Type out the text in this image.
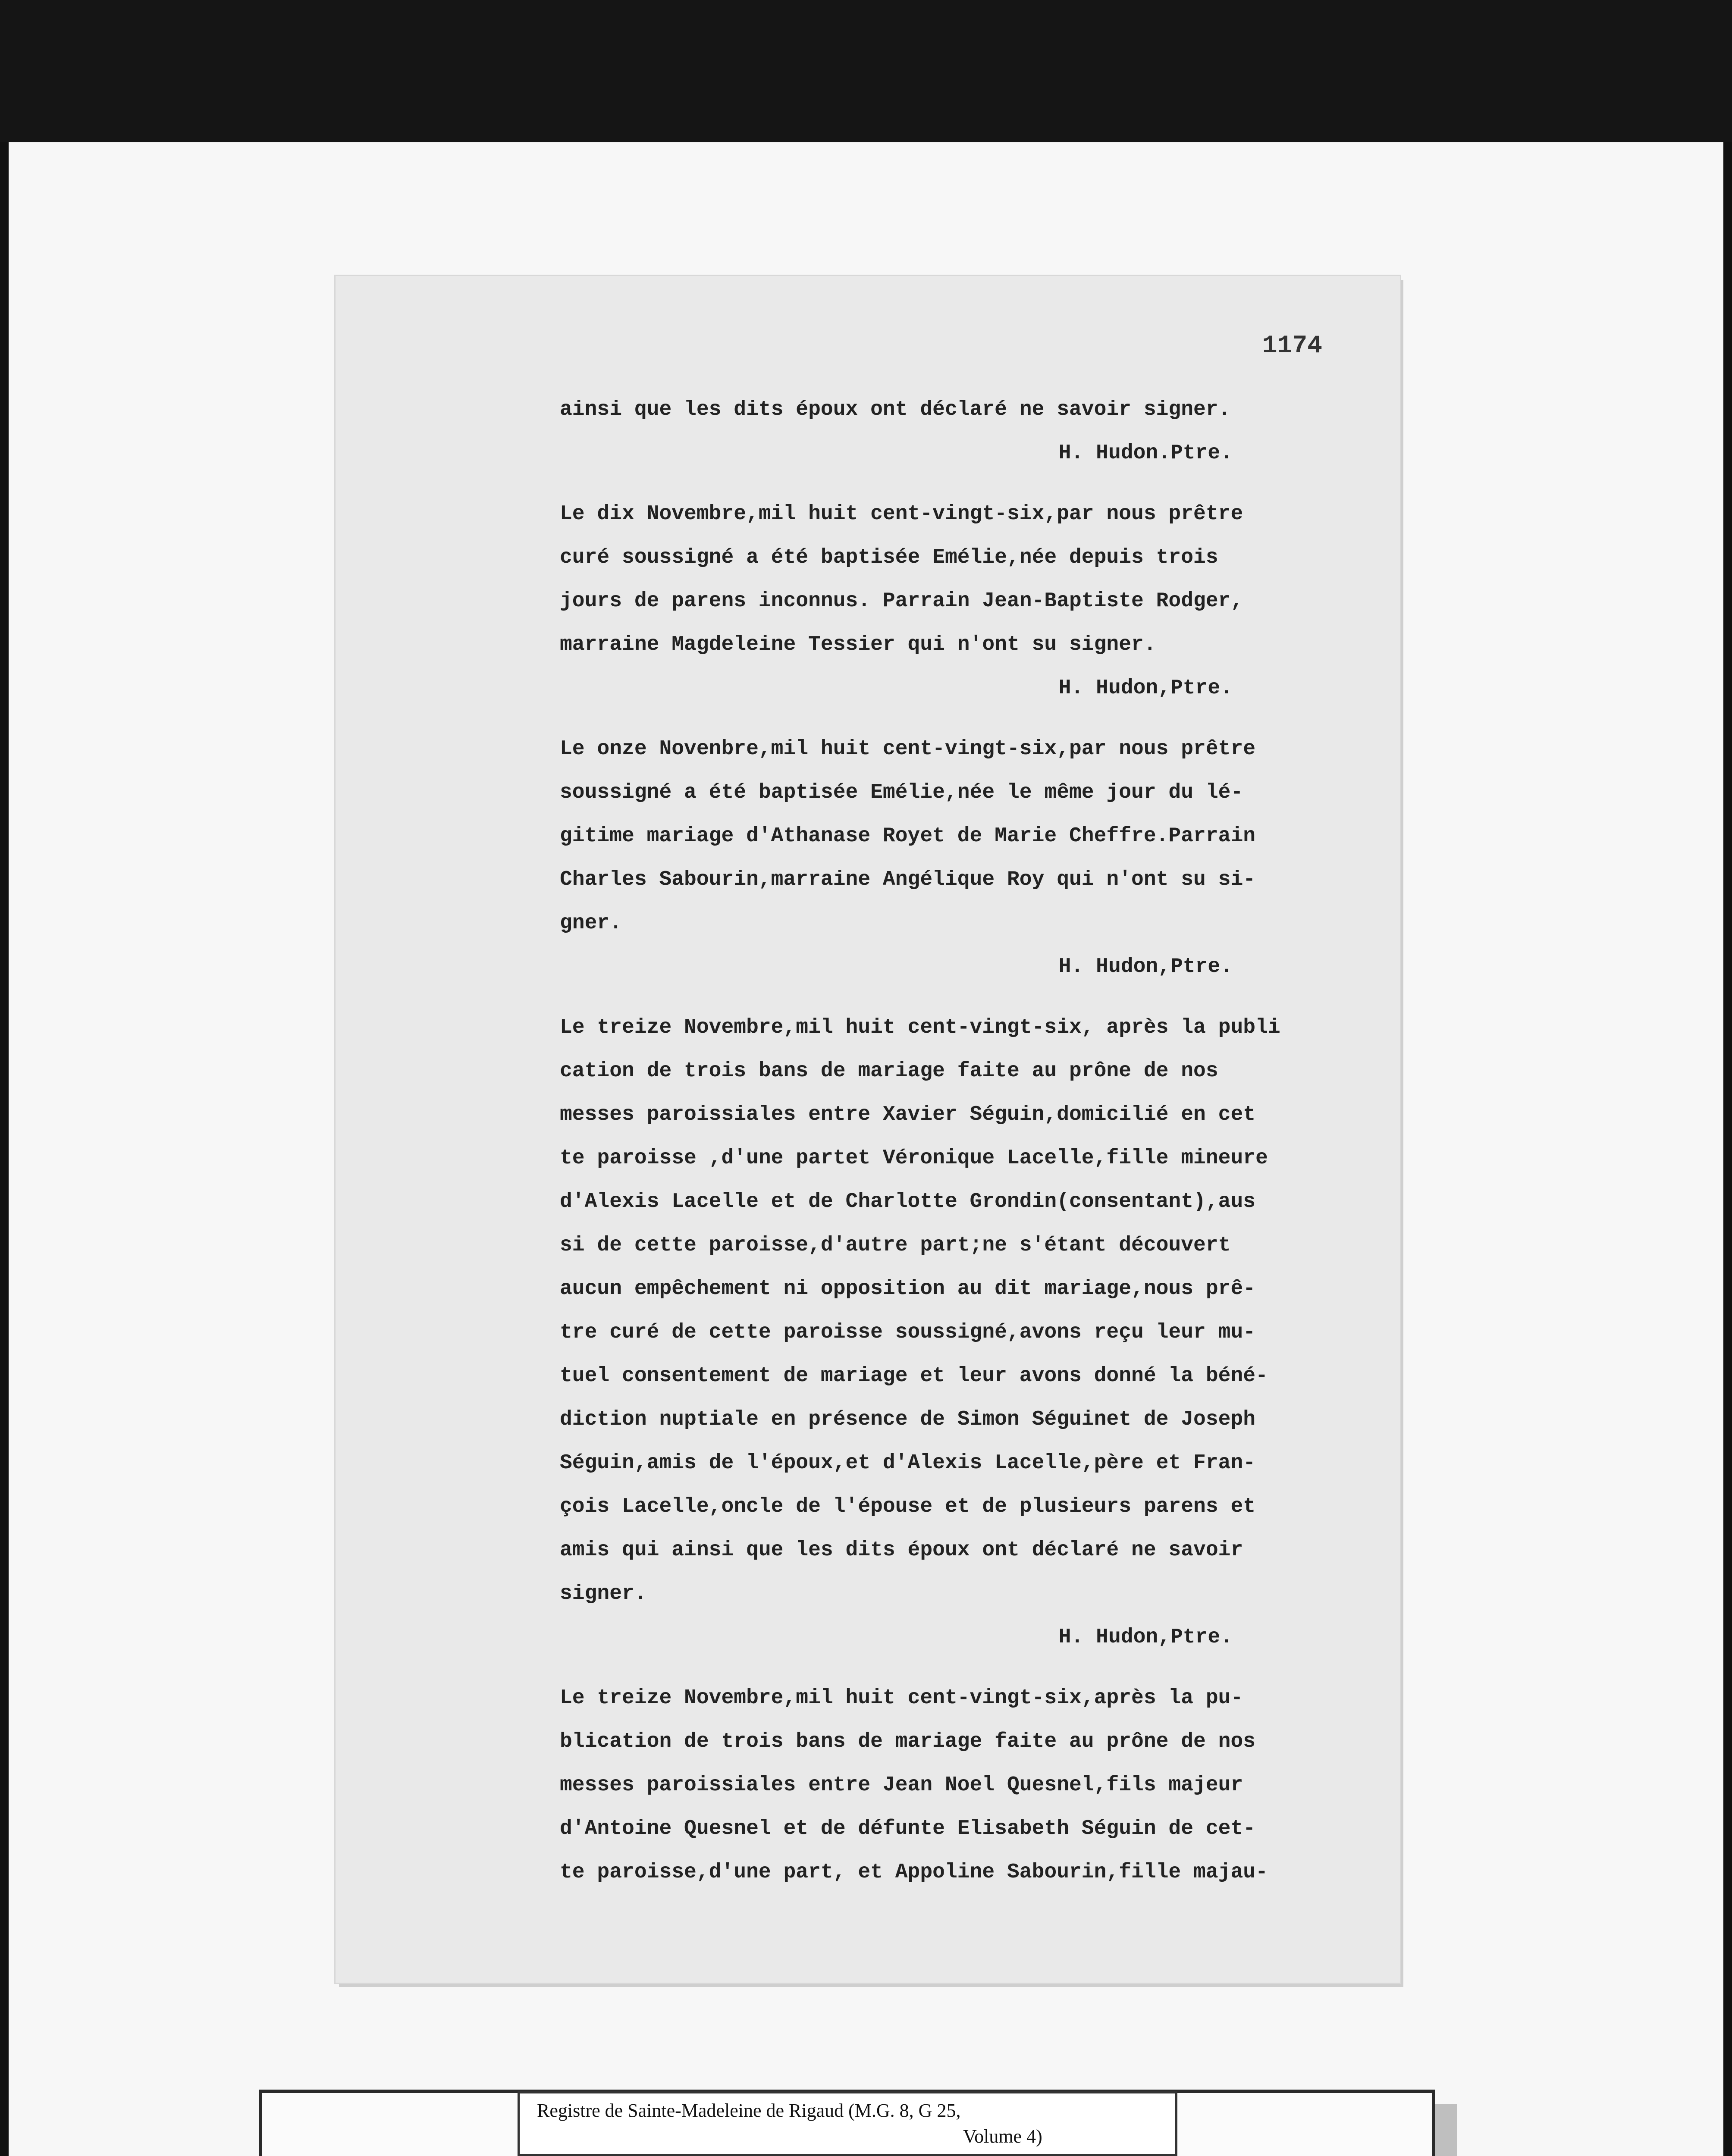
1174
ainsi que les dits époux ont déclaré ne savoir signer.
H. Hudon.Ptre.
Le dix Novembre,mil huit cent-vingt-six,par nous prêtre
curé soussigné a été baptisée Emélie,née depuis trois
jours de parens inconnus. Parrain Jean-Baptiste Rodger,
marraine Magdeleine Tessier qui n'ont su signer.
H. Hudon,Ptre.
Le onze Novenbre,mil huit cent-vingt-six,par nous prêtre
soussigné a été baptisée Emélie,née le même jour du lé-
gitime mariage d'Athanase Royet de Marie Cheffre.Parrain
Charles Sabourin,marraine Angélique Roy qui n'ont su si-
gner.
H. Hudon,Ptre.
Le treize Novembre,mil huit cent-vingt-six, après la publi
cation de trois bans de mariage faite au prône de nos
messes paroissiales entre Xavier Séguin,domicilié en cet
te paroisse ,d'une partet Véronique Lacelle,fille mineure
d'Alexis Lacelle et de Charlotte Grondin(consentant),aus
si de cette paroisse,d'autre part;ne s'étant découvert
aucun empêchement ni opposition au dit mariage,nous prê-
tre curé de cette paroisse soussigné,avons reçu leur mu-
tuel consentement de mariage et leur avons donné la béné-
diction nuptiale en présence de Simon Séguinet de Joseph
Séguin,amis de l'époux,et d'Alexis Lacelle,père et Fran-
çois Lacelle,oncle de l'épouse et de plusieurs parens et
amis qui ainsi que les dits époux ont déclaré ne savoir
signer.
H. Hudon,Ptre.
Le treize Novembre,mil huit cent-vingt-six,après la pu-
blication de trois bans de mariage faite au prône de nos
messes paroissiales entre Jean Noel Quesnel,fils majeur
d'Antoine Quesnel et de défunte Elisabeth Séguin de cet-
te paroisse,d'une part, et Appoline Sabourin,fille majau-
Registre de Sainte-Madeleine de Rigaud (M.G. 8, G 25,
Volume 4)
